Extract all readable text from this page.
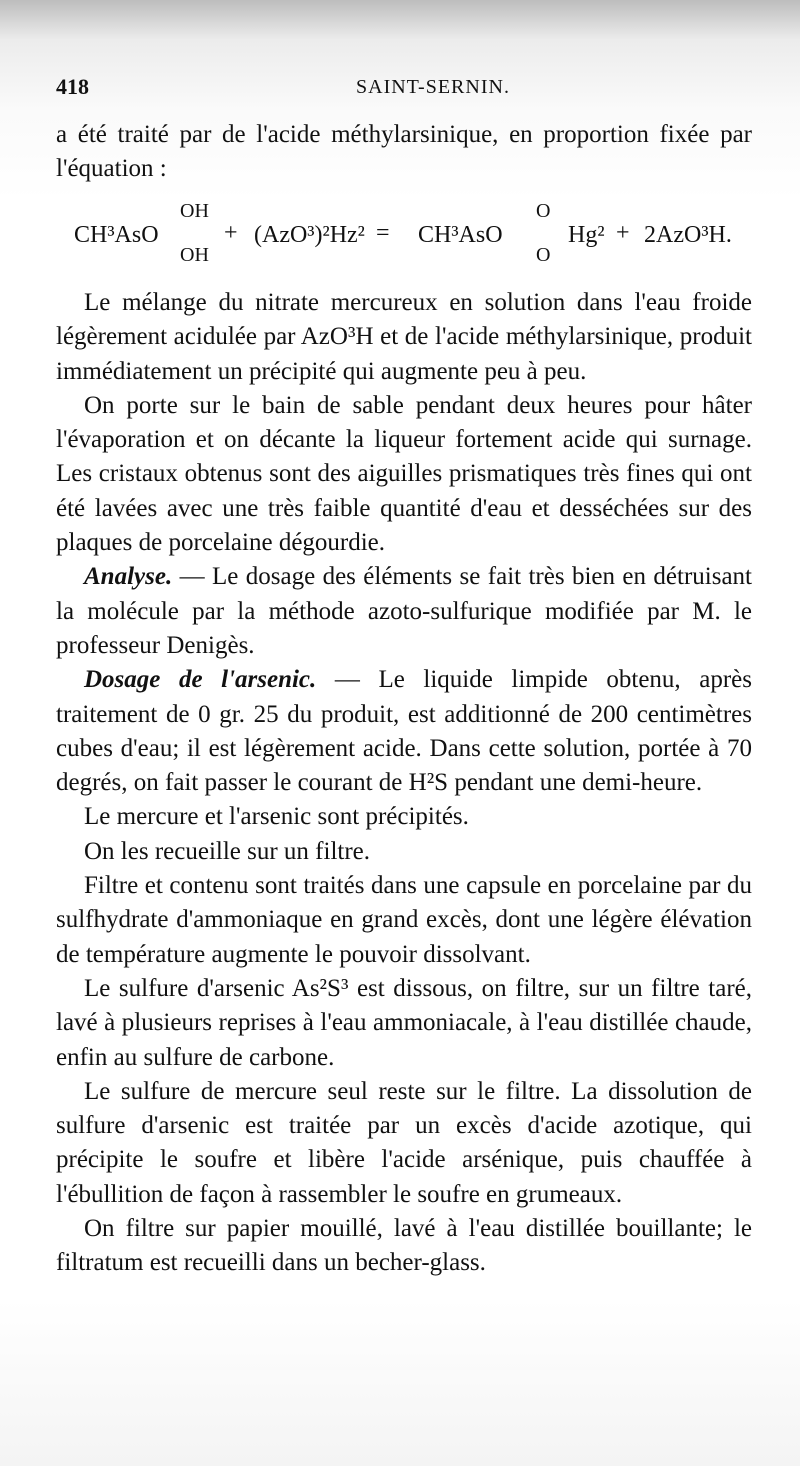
418	SAINT-SERNIN.

a été traité par de l'acide méthylarsinique, en proportion fixée par l'équation :

CH³AsO
OH
OH
+ (AzO³)²Hz² = CH³AsO
O
O
Hg² + 2AzO³H.

Le mélange du nitrate mercureux en solution dans l'eau froide légèrement acidulée par AzO³H et de l'acide méthylarsinique, produit immédiatement un précipité qui augmente peu à peu.

On porte sur le bain de sable pendant deux heures pour hâter l'évaporation et on décante la liqueur fortement acide qui surnage. Les cristaux obtenus sont des aiguilles prismatiques très fines qui ont été lavées avec une très faible quantité d'eau et desséchées sur des plaques de porcelaine dégourdie.

Analyse. — Le dosage des éléments se fait très bien en détruisant la molécule par la méthode azoto-sulfurique modifiée par M. le professeur Denigès.

Dosage de l'arsenic. — Le liquide limpide obtenu, après traitement de 0 gr. 25 du produit, est additionné de 200 centimètres cubes d'eau; il est légèrement acide. Dans cette solution, portée à 70 degrés, on fait passer le courant de H²S pendant une demi-heure.

Le mercure et l'arsenic sont précipités.

On les recueille sur un filtre.

Filtre et contenu sont traités dans une capsule en porcelaine par du sulfhydrate d'ammoniaque en grand excès, dont une légère élévation de température augmente le pouvoir dissolvant.

Le sulfure d'arsenic As²S³ est dissous, on filtre, sur un filtre taré, lavé à plusieurs reprises à l'eau ammoniacale, à l'eau distillée chaude, enfin au sulfure de carbone.

Le sulfure de mercure seul reste sur le filtre. La dissolution de sulfure d'arsenic est traitée par un excès d'acide azotique, qui précipite le soufre et libère l'acide arsénique, puis chauffée à l'ébullition de façon à rassembler le soufre en grumeaux.

On filtre sur papier mouillé, lavé à l'eau distillée bouillante; le filtratum est recueilli dans un becher-glass.
